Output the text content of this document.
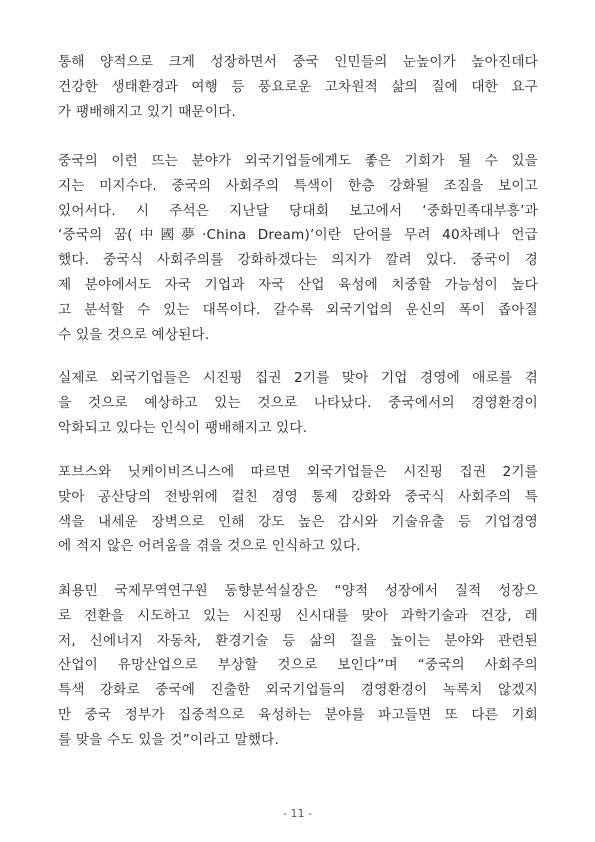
통해 양적으로 크게 성장하면서 중국 인민들의 눈높이가 높아진데다
건강한 생태환경과 여행 등 풍요로운 고차원적 삶의 질에 대한 요구
가 팽배해지고 있기 때문이다.
중국의 이런 뜨는 분야가 외국기업들에게도 좋은 기회가 될 수 있을
지는 미지수다. 중국의 사회주의 특색이 한층 강화될 조짐을 보이고
있어서다. 시 주석은 지난달 당대회 보고에서 ‘중화민족대부흥’과
‘중국의 꿈(中國夢·China Dream)’이란 단어를 무려 40차례나 언급
했다. 중국식 사회주의를 강화하겠다는 의지가 깔려 있다. 중국이 경
제 분야에서도 자국 기업과 자국 산업 육성에 치중할 가능성이 높다
고 분석할 수 있는 대목이다. 갈수록 외국기업의 운신의 폭이 좁아질
수 있을 것으로 예상된다.
실제로 외국기업들은 시진핑 집권 2기를 맞아 기업 경영에 애로를 겪
을 것으로 예상하고 있는 것으로 나타났다. 중국에서의 경영환경이
악화되고 있다는 인식이 팽배해지고 있다.
포브스와 닛케이비즈니스에 따르면 외국기업들은 시진핑 집권 2기를
맞아 공산당의 전방위에 걸친 경영 통제 강화와 중국식 사회주의 특
색을 내세운 장벽으로 인해 강도 높은 감시와 기술유출 등 기업경영
에 적지 않은 어려움을 겪을 것으로 인식하고 있다.
최용민 국제무역연구원 동향분석실장은 “양적 성장에서 질적 성장으
로 전환을 시도하고 있는 시진핑 신시대를 맞아 과학기술과 건강, 레
저, 신에너지 자동차, 환경기술 등 삶의 질을 높이는 분야와 관련된
산업이 유망산업으로 부상할 것으로 보인다”며 “중국의 사회주의
특색 강화로 중국에 진출한 외국기업들의 경영환경이 녹록치 않겠지
만 중국 정부가 집중적으로 육성하는 분야를 파고들면 또 다른 기회
를 맞을 수도 있을 것”이라고 말했다.
- 11 -
